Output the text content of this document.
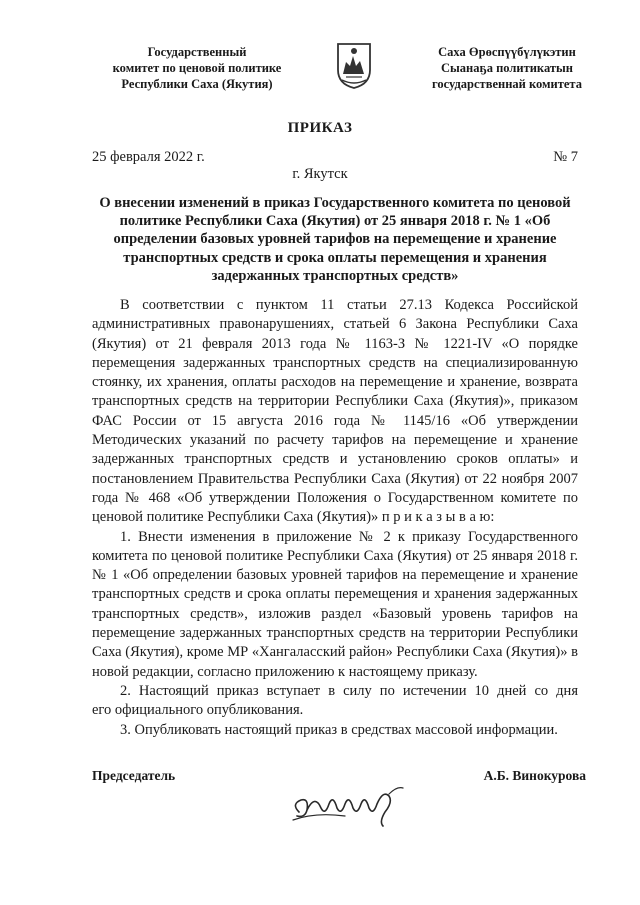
Государственный
комитет по ценовой политике
Республики Саха (Якутия)
Саха Өрөспүүбүлүкэтин
Сыанаҕа политикатын
государственнай комитета
ПРИКАЗ
25 февраля 2022 г.	№ 7
г. Якутск
О внесении изменений в приказ Государственного комитета по ценовой
политике Республики Саха (Якутия) от 25 января 2018 г. № 1 «Об
определении базовых уровней тарифов на перемещение и хранение
транспортных средств и срока оплаты перемещения и хранения
задержанных транспортных средств»
В соответствии с пунктом 11 статьи 27.13 Кодекса Российской
административных правонарушениях, статьей 6 Закона Республики Саха
(Якутия) от 21 февраля 2013 года № 1163-З № 1221-IV «О порядке
перемещения задержанных транспортных средств на специализированную
стоянку, их хранения, оплаты расходов на перемещение и хранение, возврата
транспортных средств на территории Республики Саха (Якутия)», приказом
ФАС России от 15 августа 2016 года № 1145/16 «Об утверждении
Методических указаний по расчету тарифов на перемещение и хранение
задержанных транспортных средств и установлению сроков оплаты» и
постановлением Правительства Республики Саха (Якутия) от 22 ноября 2007
года № 468 «Об утверждении Положения о Государственном комитете по
ценовой политике Республики Саха (Якутия)» п р и к а з ы в а ю:
1. Внести изменения в приложение № 2 к приказу Государственного
комитета по ценовой политике Республики Саха (Якутия) от 25 января 2018 г.
№ 1 «Об определении базовых уровней тарифов на перемещение и хранение
транспортных средств и срока оплаты перемещения и хранения задержанных
транспортных средств», изложив раздел «Базовый уровень тарифов на
перемещение задержанных транспортных средств на территории Республики
Саха (Якутия), кроме МР «Хангаласский район» Республики Саха (Якутия)» в
новой редакции, согласно приложению к настоящему приказу.
2. Настоящий приказ вступает в силу по истечении 10 дней со дня
его официального опубликования.
3. Опубликовать настоящий приказ в средствах массовой информации.
Председатель	А.Б. Винокурова
